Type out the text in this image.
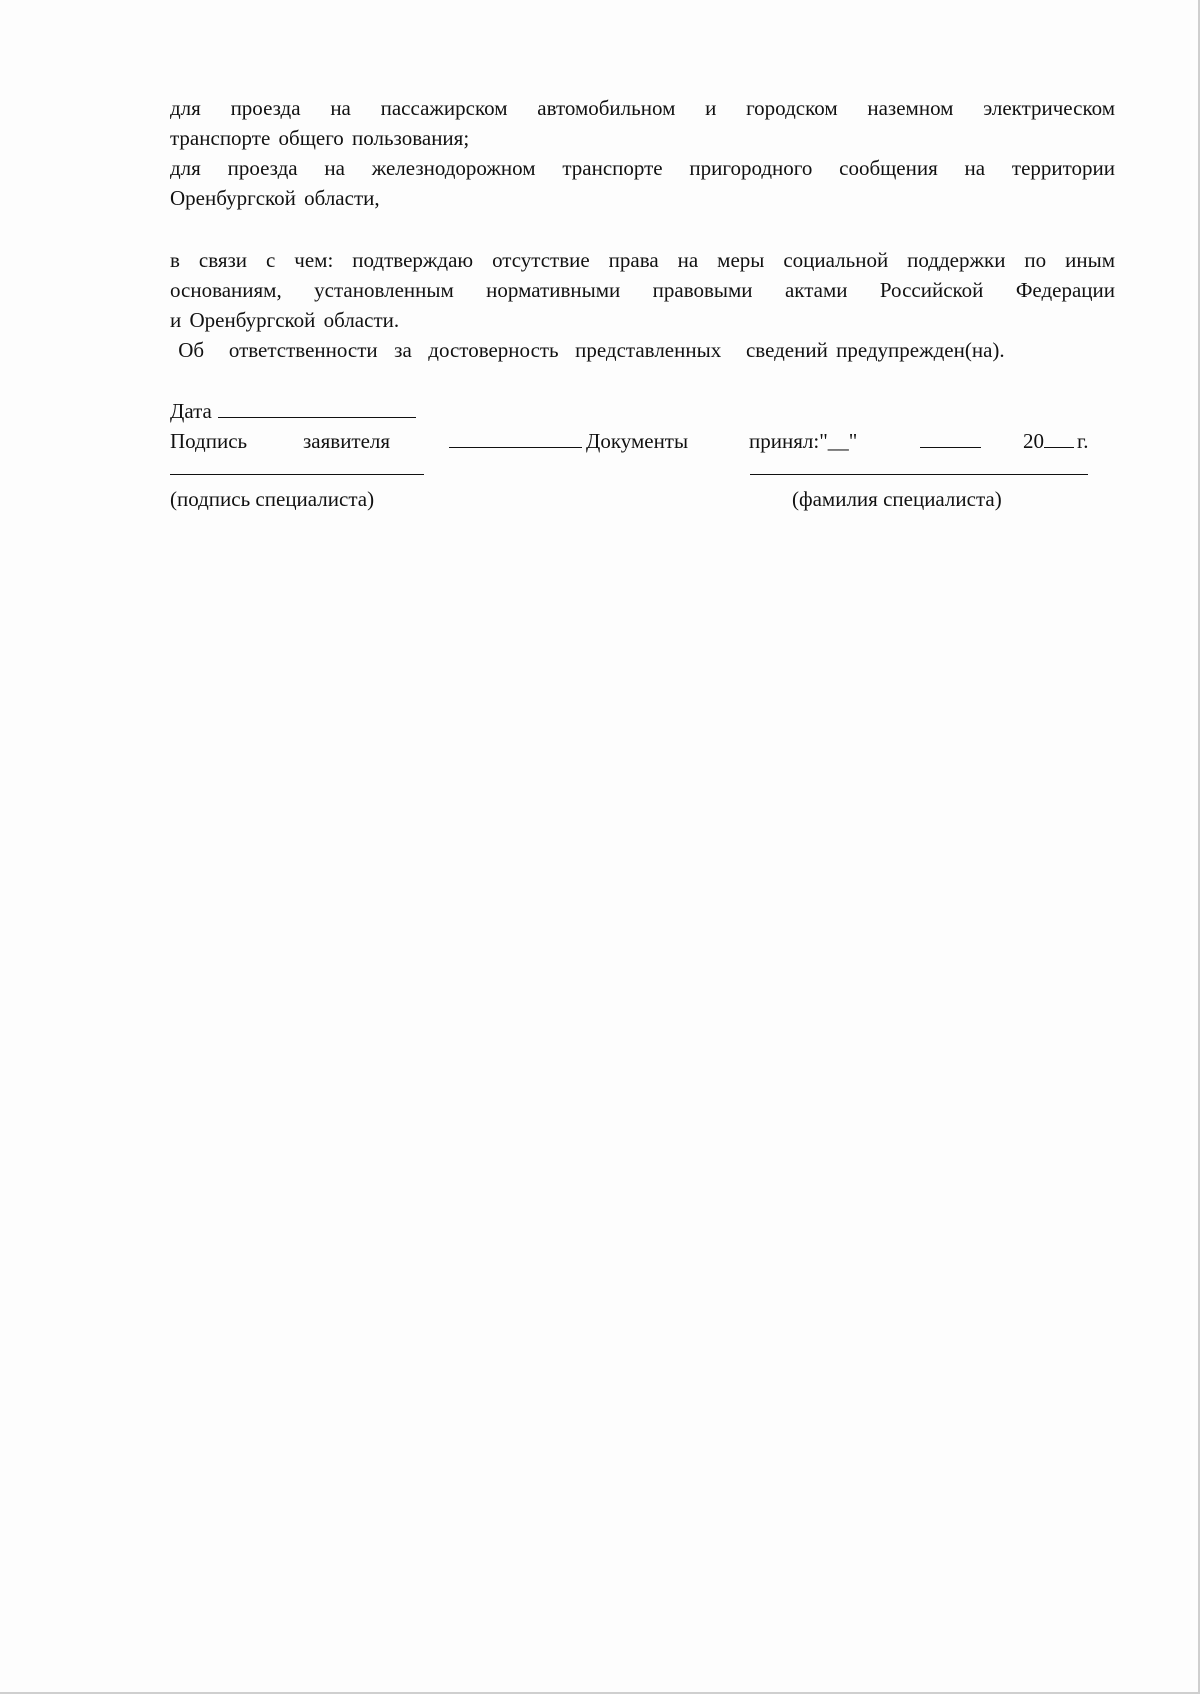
для проезда на пассажирском автомобильном и городском наземном электрическом

транспорте общего пользования;

для проезда на железнодорожном транспорте пригородного сообщения на территории

Оренбургской области,

в связи с чем: подтверждаю отсутствие права на меры социальной поддержки по иным

основаниям, установленным нормативными правовыми актами Российской Федерации

и Оренбургской области.

Об   ответственности  за  достоверность  представленных   сведений предупрежден(на).

Дата
Подпись	заявителя	Документы	принял:"__"	20 г.
(подпись специалиста)	(фамилия специалиста)
